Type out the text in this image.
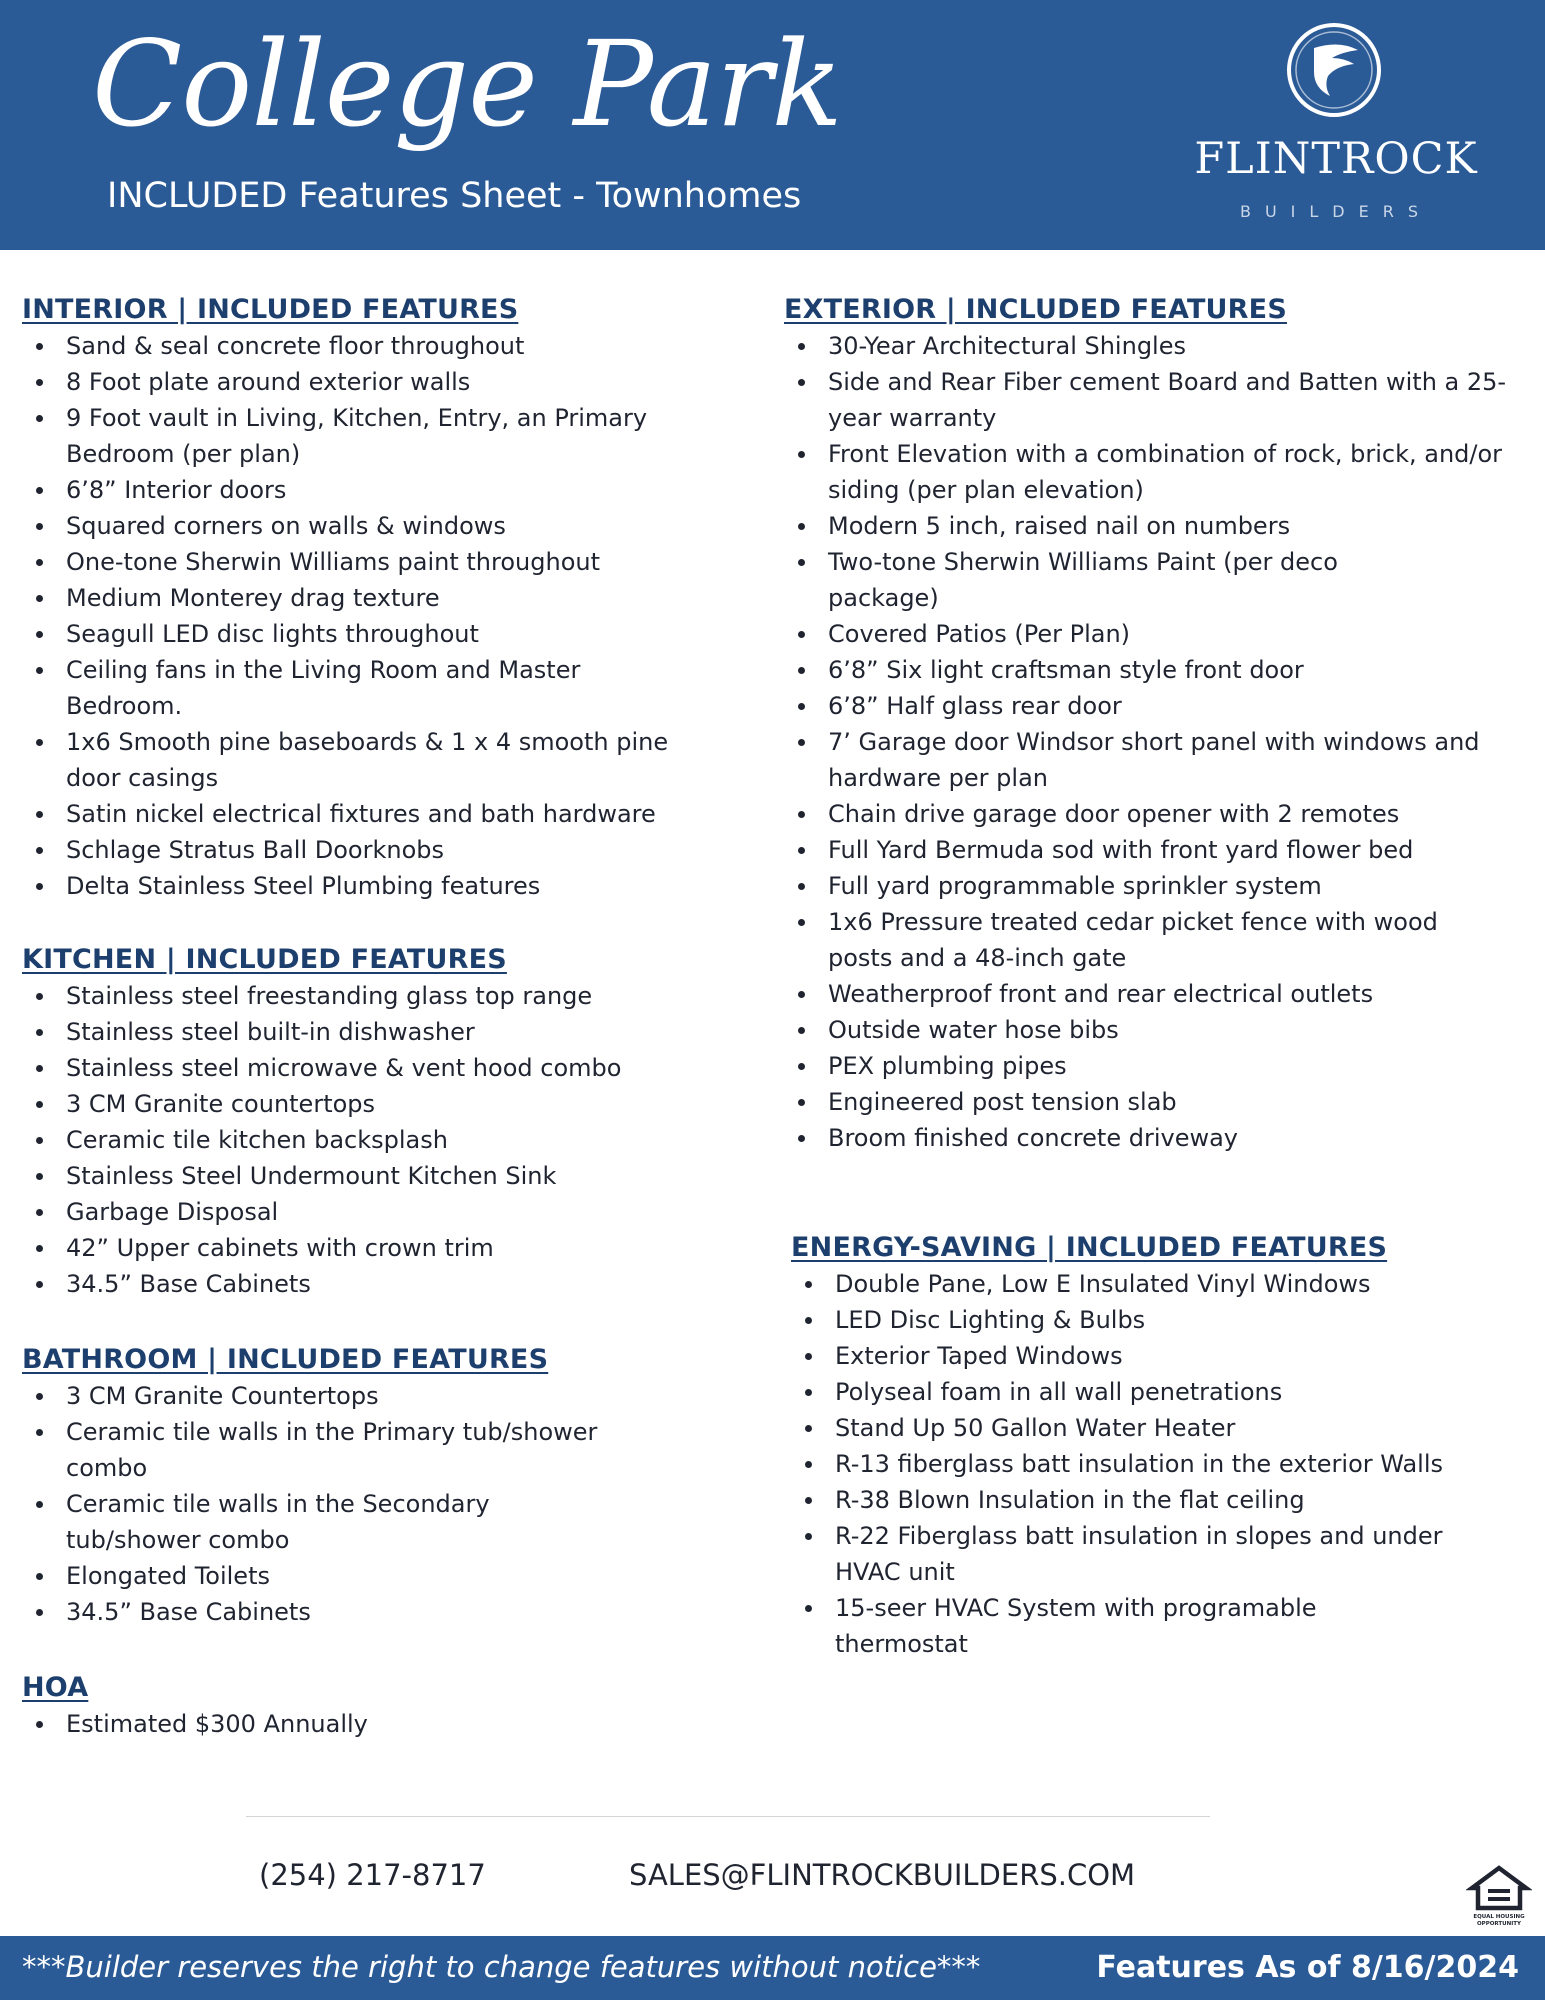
College Park
INCLUDED Features Sheet - Townhomes
FLINTROCK
BUILDERS
INTERIOR | INCLUDED FEATURES
Sand & seal concrete floor throughout
8 Foot plate around exterior walls
9 Foot vault in Living, Kitchen, Entry, an Primary Bedroom (per plan)
6’8” Interior doors
Squared corners on walls & windows
One-tone Sherwin Williams paint throughout
Medium Monterey drag texture
Seagull LED disc lights throughout
Ceiling fans in the Living Room and Master Bedroom.
1x6 Smooth pine baseboards & 1 x 4 smooth pine door casings
Satin nickel electrical fixtures and bath hardware
Schlage Stratus Ball Doorknobs
Delta Stainless Steel Plumbing features
KITCHEN | INCLUDED FEATURES
Stainless steel freestanding glass top range
Stainless steel built-in dishwasher
Stainless steel microwave & vent hood combo
3 CM Granite countertops
Ceramic tile kitchen backsplash
Stainless Steel Undermount Kitchen Sink
Garbage Disposal
42” Upper cabinets with crown trim
34.5” Base Cabinets
BATHROOM | INCLUDED FEATURES
3 CM Granite Countertops
Ceramic tile walls in the Primary tub/shower combo
Ceramic tile walls in the Secondary tub/shower combo
Elongated Toilets
34.5” Base Cabinets
HOA
Estimated $300 Annually
EXTERIOR | INCLUDED FEATURES
30-Year Architectural Shingles
Side and Rear Fiber cement Board and Batten with a 25-year warranty
Front Elevation with a combination of rock, brick, and/or siding (per plan elevation)
Modern 5 inch, raised nail on numbers
Two-tone Sherwin Williams Paint (per deco package)
Covered Patios (Per Plan)
6’8” Six light craftsman style front door
6’8” Half glass rear door
7’ Garage door Windsor short panel with windows and hardware per plan
Chain drive garage door opener with 2 remotes
Full Yard Bermuda sod with front yard flower bed
Full yard programmable sprinkler system
1x6 Pressure treated cedar picket fence with wood posts and a 48-inch gate
Weatherproof front and rear electrical outlets
Outside water hose bibs
PEX plumbing pipes
Engineered post tension slab
Broom finished concrete driveway
ENERGY-SAVING | INCLUDED FEATURES
Double Pane, Low E Insulated Vinyl Windows
LED Disc Lighting & Bulbs
Exterior Taped Windows
Polyseal foam in all wall penetrations
Stand Up 50 Gallon Water Heater
R-13 fiberglass batt insulation in the exterior Walls
R-38 Blown Insulation in the flat ceiling
R-22 Fiberglass batt insulation in slopes and under HVAC unit
15-seer HVAC System with programable thermostat
(254) 217-8717	SALES@FLINTROCKBUILDERS.COM
EQUAL HOUSING
OPPORTUNITY
***Builder reserves the right to change features without notice***	Features As of 8/16/2024
